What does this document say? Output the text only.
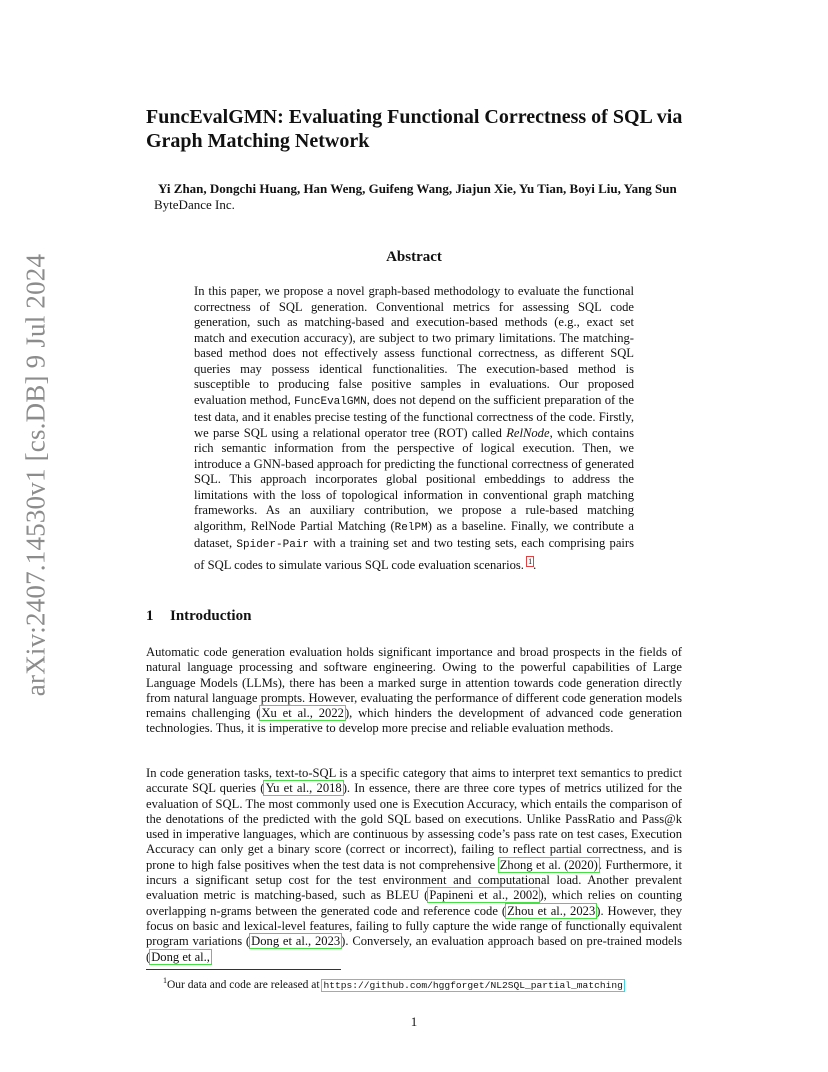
arXiv:2407.14530v1 [cs.DB] 9 Jul 2024
FuncEvalGMN: Evaluating Functional Correctness of SQL via Graph Matching Network
Yi Zhan, Dongchi Huang, Han Weng, Guifeng Wang, Jiajun Xie, Yu Tian, Boyi Liu, Yang Sun
ByteDance Inc.
Abstract
In this paper, we propose a novel graph-based methodology to evaluate the functional correctness of SQL generation. Conventional metrics for assessing SQL code generation, such as matching-based and execution-based methods (e.g., exact set match and execution accuracy), are subject to two primary limitations. The matching-based method does not effectively assess functional correctness, as different SQL queries may possess identical functionalities. The execution-based method is susceptible to producing false positive samples in evaluations. Our proposed evaluation method, FuncEvalGMN, does not depend on the sufficient preparation of the test data, and it enables precise testing of the functional correctness of the code. Firstly, we parse SQL using a relational operator tree (ROT) called RelNode, which contains rich semantic information from the perspective of logical execution. Then, we introduce a GNN-based approach for predicting the functional correctness of generated SQL. This approach incorporates global positional embeddings to address the limitations with the loss of topological information in conventional graph matching frameworks. As an auxiliary contribution, we propose a rule-based matching algorithm, RelNode Partial Matching (RelPM) as a baseline. Finally, we contribute a dataset, Spider-Pair with a training set and two testing sets, each comprising pairs of SQL codes to simulate various SQL code evaluation scenarios. $^1$.
1 Introduction
Automatic code generation evaluation holds significant importance and broad prospects in the fields of natural language processing and software engineering. Owing to the powerful capabilities of Large Language Models (LLMs), there has been a marked surge in attention towards code generation directly from natural language prompts. However, evaluating the performance of different code generation models remains challenging (Xu et al., 2022), which hinders the development of advanced code generation technologies. Thus, it is imperative to develop more precise and reliable evaluation methods.
In code generation tasks, text-to-SQL is a specific category that aims to interpret text semantics to predict accurate SQL queries (Yu et al., 2018). In essence, there are three core types of metrics utilized for the evaluation of SQL. The most commonly used one is Execution Accuracy, which entails the comparison of the denotations of the predicted with the gold SQL based on executions. Unlike PassRatio and Pass@k used in imperative languages, which are continuous by assessing code’s pass rate on test cases, Execution Accuracy can only get a binary score (correct or incorrect), failing to reflect partial correctness, and is prone to high false positives when the test data is not comprehensive Zhong et al. (2020). Furthermore, it incurs a significant setup cost for the test environment and computational load. Another prevalent evaluation metric is matching-based, such as BLEU (Papineni et al., 2002), which relies on counting overlapping n-grams between the generated code and reference code (Zhou et al., 2023). However, they focus on basic and lexical-level features, failing to fully capture the wide range of functionally equivalent program variations (Dong et al., 2023). Conversely, an evaluation approach based on pre-trained models (Dong et al.,
$^1$Our data and code are released at https://github.com/hggforget/NL2SQL_partial_matching
1
